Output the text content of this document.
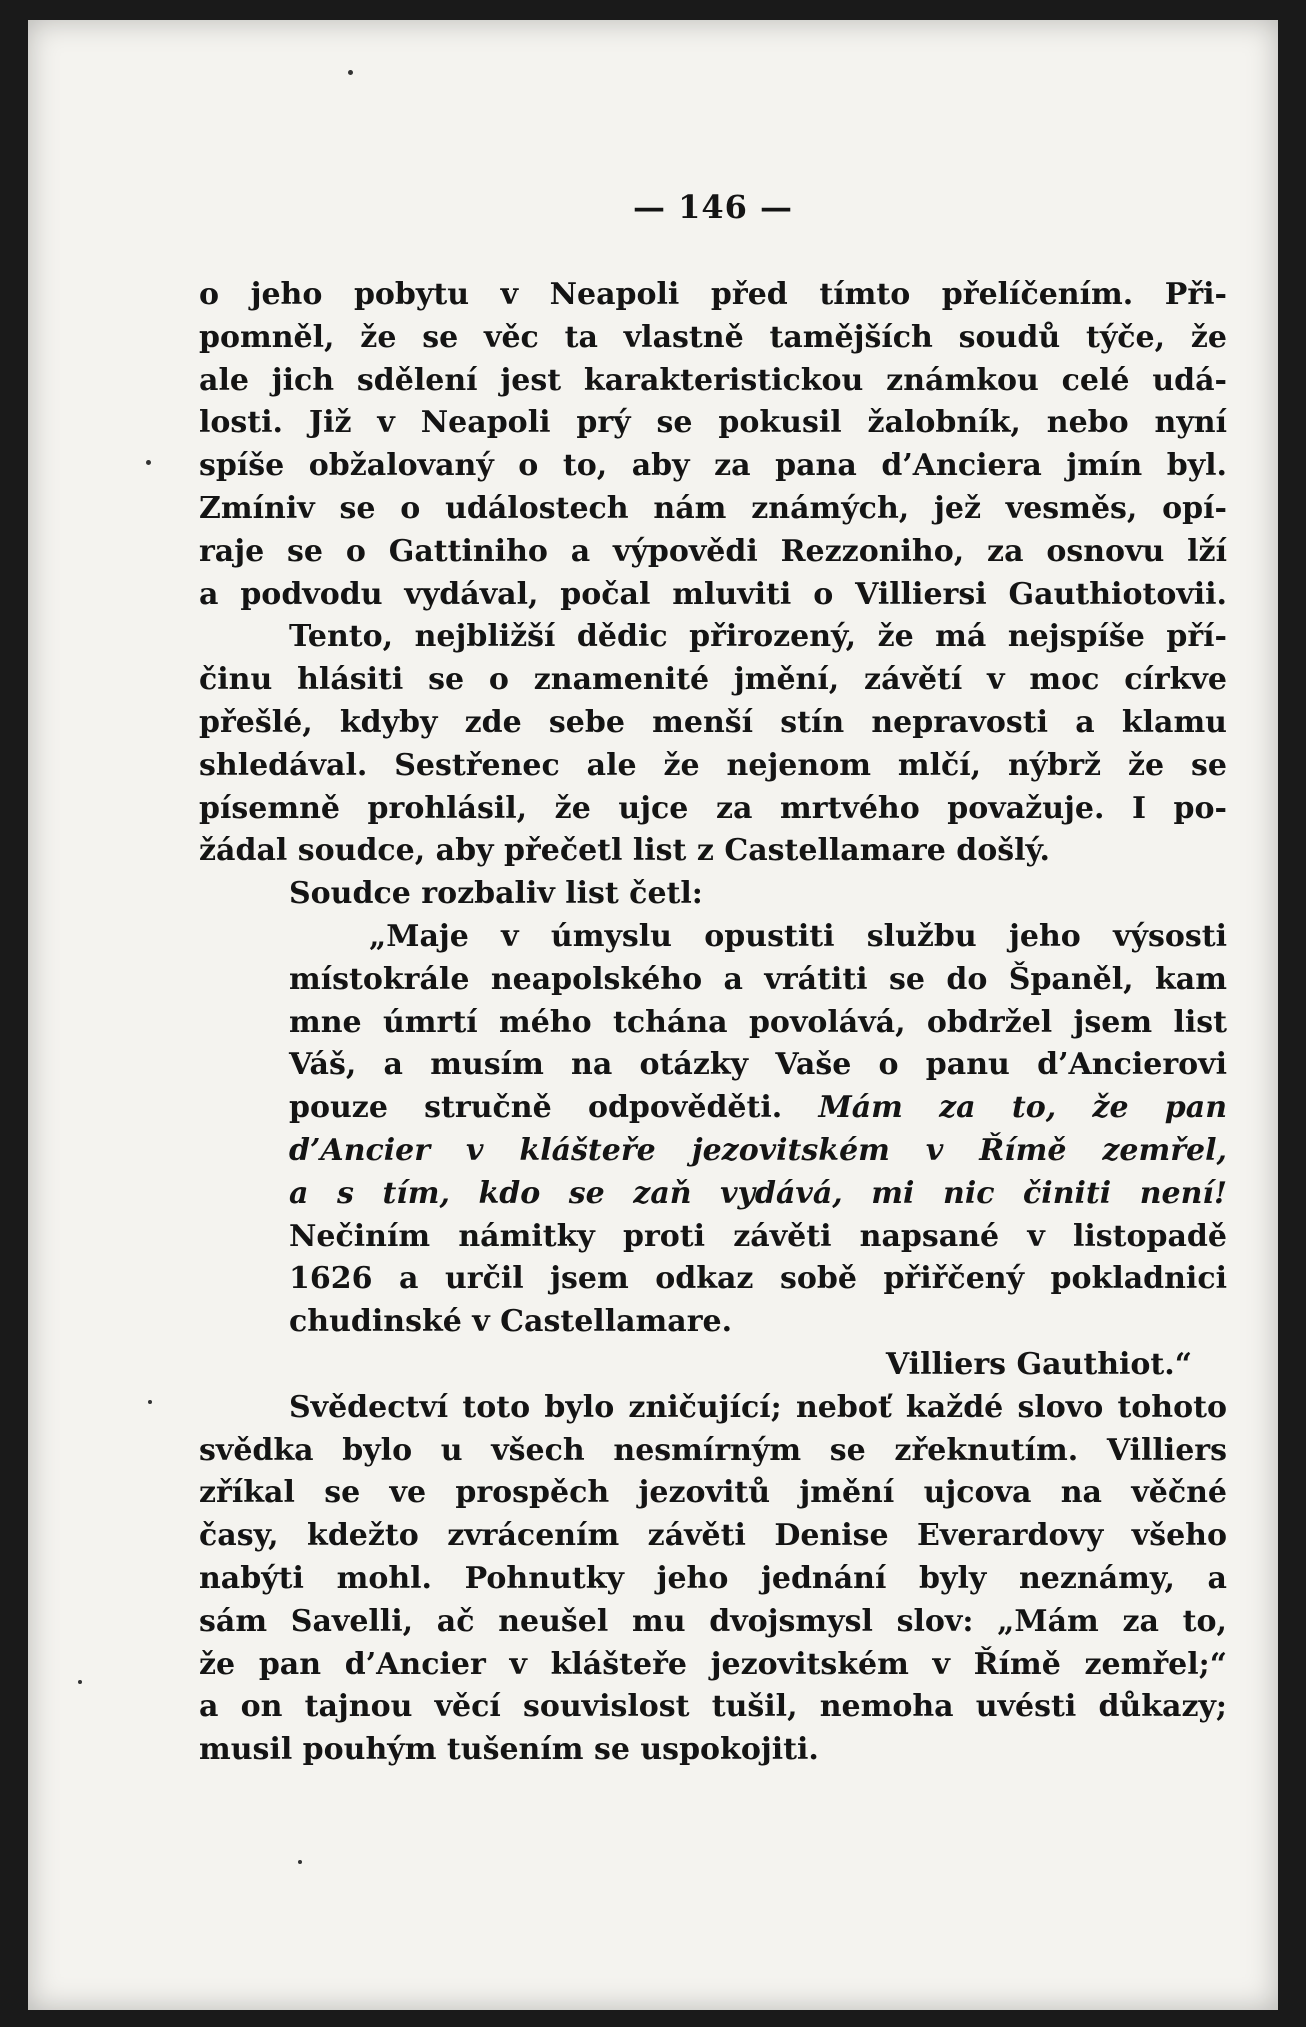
— 146 —
o jeho pobytu v Neapoli před tímto přelíčením. Při-
pomněl, že se věc ta vlastně tamějších soudů týče, že
ale jich sdělení jest karakteristickou známkou celé udá-
losti. Již v Neapoli prý se pokusil žalobník, nebo nyní
spíše obžalovaný o to, aby za pana d’Anciera jmín byl.
Zmíniv se o událostech nám známých, jež vesměs, opí-
raje se o Gattiniho a výpovědi Rezzoniho, za osnovu lží
a podvodu vydával, počal mluviti o Villiersi Gauthiotovii.
Tento, nejbližší dědic přirozený, že má nejspíše pří-
činu hlásiti se o znamenité jmění, závětí v moc církve
přešlé, kdyby zde sebe menší stín nepravosti a klamu
shledával. Sestřenec ale že nejenom mlčí, nýbrž že se
písemně prohlásil, že ujce za mrtvého považuje. I po-
žádal soudce, aby přečetl list z Castellamare došlý.
Soudce rozbaliv list četl:
„Maje v úmyslu opustiti službu jeho výsosti
místokrále neapolského a vrátiti se do Španěl, kam
mne úmrtí mého tchána povolává, obdržel jsem list
Váš, a musím na otázky Vaše o panu d’Ancierovi
pouze stručně odpověděti. Mám za to, že pan
d’Ancier v klášteře jezovitském v Římě zemřel,
a s tím, kdo se zaň vydává, mi nic činiti není!
Nečiním námitky proti závěti napsané v listopadě
1626 a určil jsem odkaz sobě přiřčený pokladnici
chudinské v Castellamare.
Villiers Gauthiot.“
Svědectví toto bylo zničující; neboť každé slovo tohoto
svědka bylo u všech nesmírným se zřeknutím. Villiers
zříkal se ve prospěch jezovitů jmění ujcova na věčné
časy, kdežto zvrácením závěti Denise Everardovy všeho
nabýti mohl. Pohnutky jeho jednání byly neznámy, a
sám Savelli, ač neušel mu dvojsmysl slov: „Mám za to,
že pan d’Ancier v klášteře jezovitském v Římě zemřel;“
a on tajnou věcí souvislost tušil, nemoha uvésti důkazy;
musil pouhým tušením se uspokojiti.
